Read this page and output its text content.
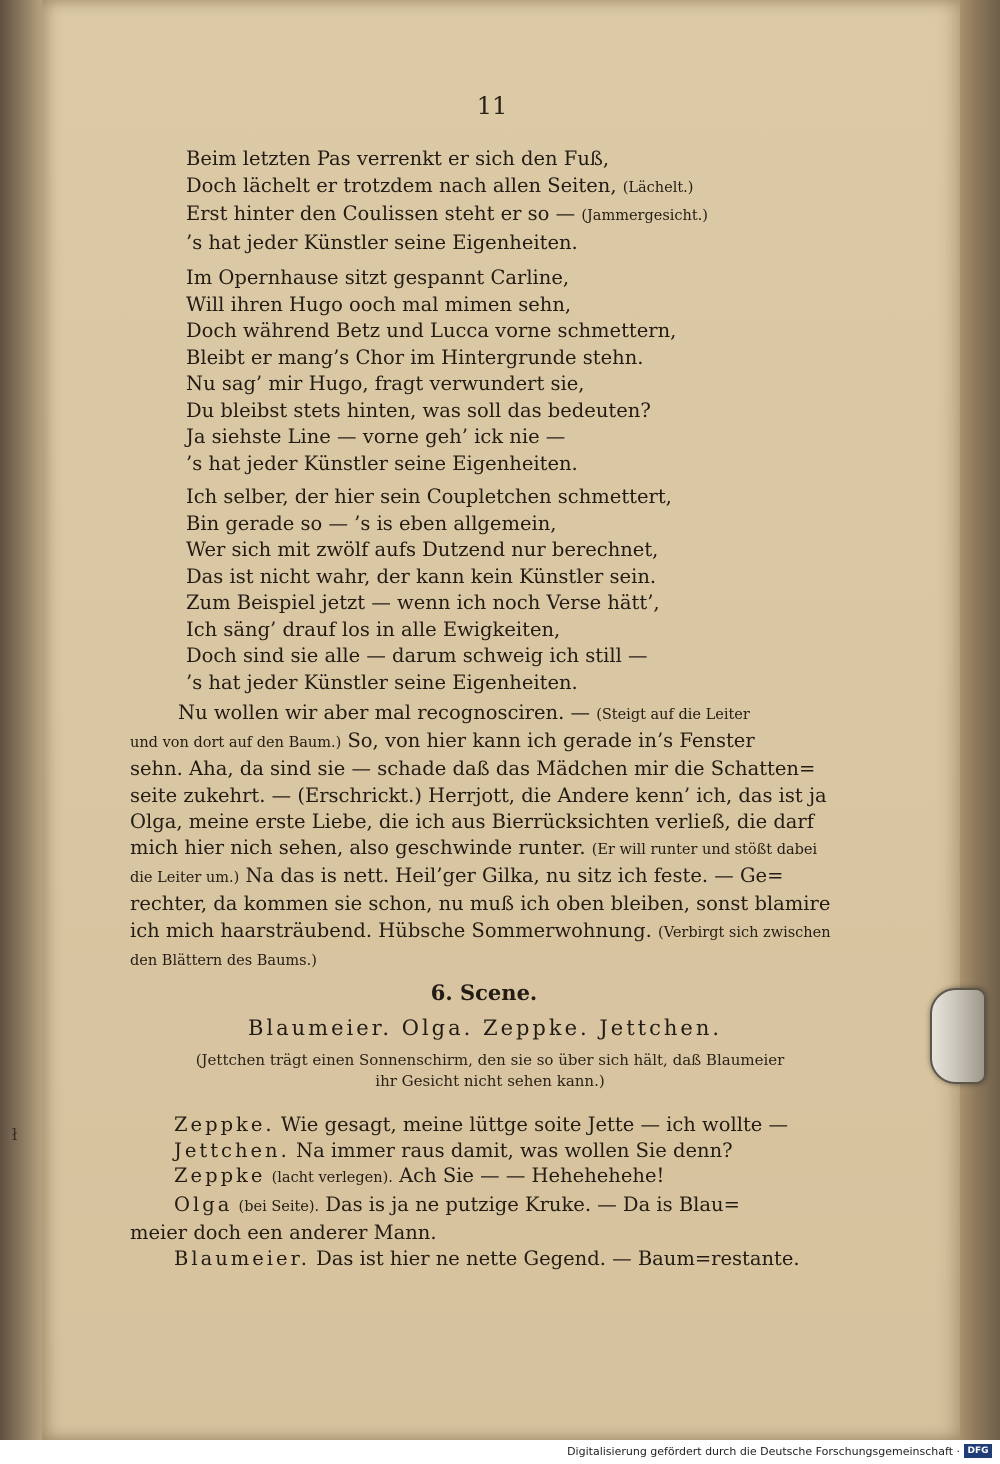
ł
11
Beim letzten Pas verrenkt er sich den Fuß,
Doch lächelt er trotzdem nach allen Seiten, (Lächelt.)
Erst hinter den Coulissen steht er so — (Jammergesicht.)
’s hat jeder Künstler seine Eigenheiten.
Im Opernhause sitzt gespannt Carline,
Will ihren Hugo ooch mal mimen sehn,
Doch während Betz und Lucca vorne schmettern,
Bleibt er mang’s Chor im Hintergrunde stehn.
Nu sag’ mir Hugo, fragt verwundert sie,
Du bleibst stets hinten, was soll das bedeuten?
Ja siehste Line — vorne geh’ ick nie —
’s hat jeder Künstler seine Eigenheiten.
Ich selber, der hier sein Coupletchen schmettert,
Bin gerade so — ’s is eben allgemein,
Wer sich mit zwölf aufs Dutzend nur berechnet,
Das ist nicht wahr, der kann kein Künstler sein.
Zum Beispiel jetzt — wenn ich noch Verse hätt’,
Ich säng’ drauf los in alle Ewigkeiten,
Doch sind sie alle — darum schweig ich still —
’s hat jeder Künstler seine Eigenheiten.
Nu wollen wir aber mal recognosciren. — (Steigt auf die Leiter
und von dort auf den Baum.) So, von hier kann ich gerade in’s Fenster
sehn. Aha, da sind sie — schade daß das Mädchen mir die Schatten=
seite zukehrt. — (Erschrickt.) Herrjott, die Andere kenn’ ich, das ist ja
Olga, meine erste Liebe, die ich aus Bierrücksichten verließ, die darf
mich hier nich sehen, also geschwinde runter. (Er will runter und stößt dabei
die Leiter um.) Na das is nett. Heil’ger Gilka, nu sitz ich feste. — Ge=
rechter, da kommen sie schon, nu muß ich oben bleiben, sonst blamire
ich mich haarsträubend. Hübsche Sommerwohnung. (Verbirgt sich zwischen
den Blättern des Baums.)
6. Scene.
Blaumeier. Olga. Zeppke. Jettchen.
(Jettchen trägt einen Sonnenschirm, den sie so über sich hält, daß Blaumeier
ihr Gesicht nicht sehen kann.)
Zeppke. Wie gesagt, meine lüttge soite Jette — ich wollte —
Jettchen. Na immer raus damit, was wollen Sie denn?
Zeppke (lacht verlegen). Ach Sie — — Hehehehehe!
Olga (bei Seite). Das is ja ne putzige Kruke. — Da is Blau=
meier doch een anderer Mann.
Blaumeier. Das ist hier ne nette Gegend. — Baum=restante.
Digitalisierung gefördert durch die Deutsche Forschungsgemeinschaft · DFG
